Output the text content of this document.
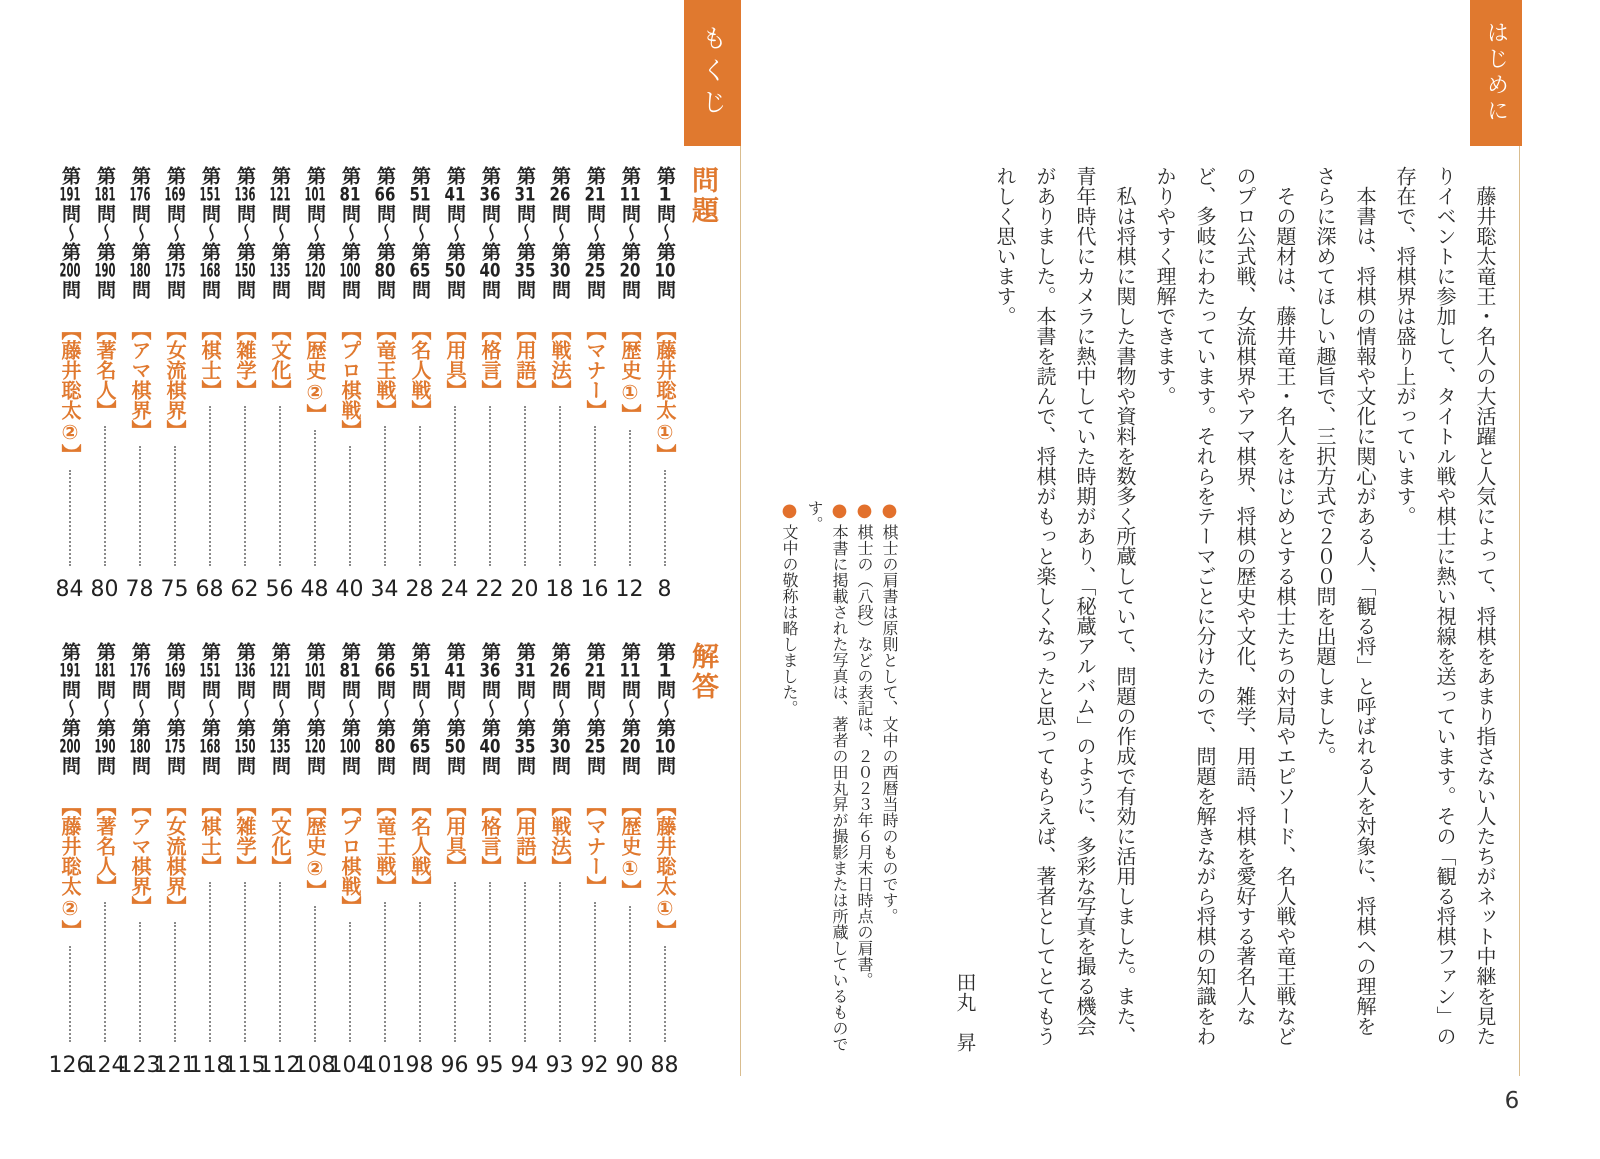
もくじ	はじめに
問題
第1問〜第10問
【藤井聡太①】
8
第11問〜第20問
【歴史①】
12
第21問〜第25問
【マナー】
16
第26問〜第30問
【戦法】
18
第31問〜第35問
【用語】
20
第36問〜第40問
【格言】
22
第41問〜第50問
【用具】
24
第51問〜第65問
【名人戦】
28
第66問〜第80問
【竜王戦】
34
第81問〜第100問
【プロ棋戦】
40
第101問〜第120問
【歴史②】
48
第121問〜第135問
【文化】
56
第136問〜第150問
【雑学】
62
第151問〜第168問
【棋士】
68
第169問〜第175問
【女流棋界】
75
第176問〜第180問
【アマ棋界】
78
第181問〜第190問
【著名人】
80
第191問〜第200問
【藤井聡太②】
84
解答
第1問〜第10問
【藤井聡太①】
88
第11問〜第20問
【歴史①】
90
第21問〜第25問
【マナー】
92
第26問〜第30問
【戦法】
93
第31問〜第35問
【用語】
94
第36問〜第40問
【格言】
95
第41問〜第50問
【用具】
96
第51問〜第65問
【名人戦】
98
第66問〜第80問
【竜王戦】
101
第81問〜第100問
【プロ棋戦】
104
第101問〜第120問
【歴史②】
108
第121問〜第135問
【文化】
112
第136問〜第150問
【雑学】
115
第151問〜第168問
【棋士】
118
第169問〜第175問
【女流棋界】
121
第176問〜第180問
【アマ棋界】
123
第181問〜第190問
【著名人】
124
第191問〜第200問
【藤井聡太②】
126

藤井聡太竜王・名人の大活躍と人気によって、将棋をあまり指さない人たちがネット中継を見たりイベントに参加して、タイトル戦や棋士に熱い視線を送っています。その「観る将棋ファン」の存在で、将棋界は盛り上がっています。

本書は、将棋の情報や文化に関心がある人、「観る将」と呼ばれる人を対象に、将棋への理解をさらに深めてほしい趣旨で、三択方式で２００問を出題しました。

その題材は、藤井竜王・名人をはじめとする棋士たちの対局やエピソード、名人戦や竜王戦などのプロ公式戦、女流棋界やアマ棋界、将棋の歴史や文化、雑学、用語、将棋を愛好する著名人など、多岐にわたっています。それらをテーマごとに分けたので、問題を解きながら将棋の知識をわかりやすく理解できます。

私は将棋に関した書物や資料を数多く所蔵していて、問題の作成で有効に活用しました。また、青年時代にカメラに熱中していた時期があり、「秘蔵アルバム」のように、多彩な写真を撮る機会がありました。本書を読んで、将棋がもっと楽しくなったと思ってもらえば、著者としてとてもうれしく思います。

田丸　昇

●棋士の肩書は原則として、文中の西暦当時のものです。

●棋士の（八段）などの表記は、２０２３年６月末日時点の肩書。

●本書に掲載された写真は、著者の田丸昇が撮影または所蔵しているものです。

●文中の敬称は略しました。

6
